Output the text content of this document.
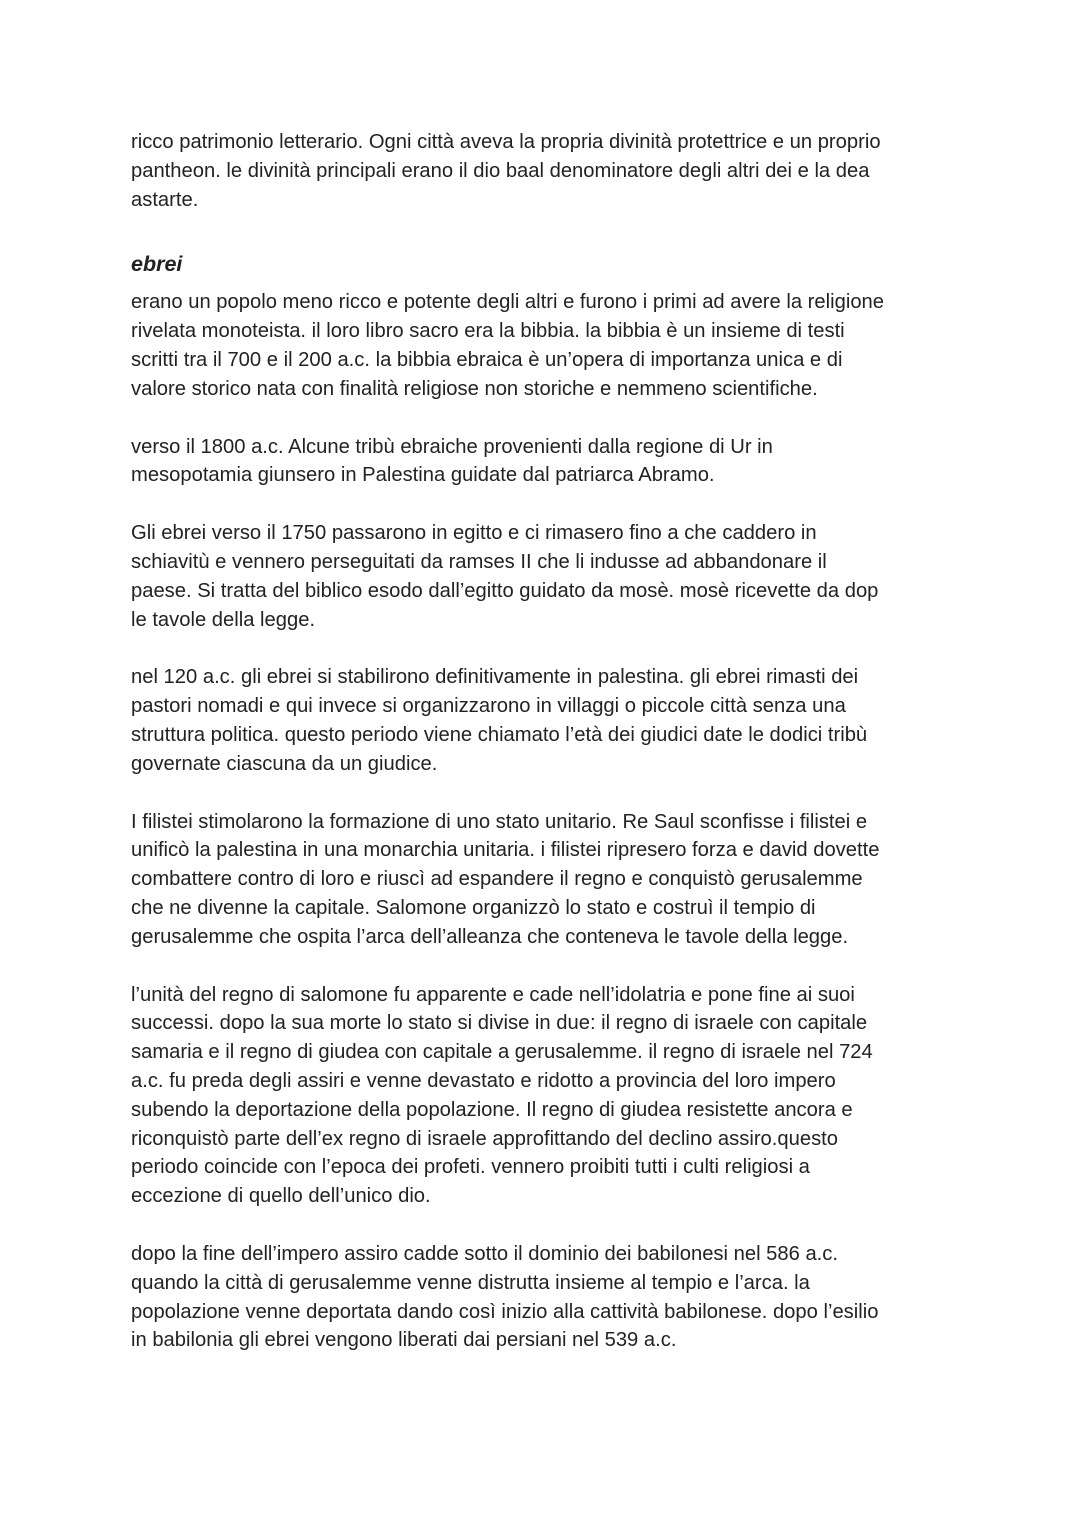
ricco patrimonio letterario. Ogni città aveva la propria divinità protettrice e un proprio
pantheon. le divinità principali erano il dio baal denominatore degli altri dei e la dea
astarte.

ebrei

erano un popolo meno ricco e potente degli altri e furono i primi ad avere la religione
rivelata monoteista. il loro libro sacro era la bibbia. la bibbia è un insieme di testi
scritti tra il 700 e il 200 a.c. la bibbia ebraica è un’opera di importanza unica e di
valore storico nata con finalità religiose non storiche e nemmeno scientifiche.

verso il 1800 a.c. Alcune tribù ebraiche provenienti dalla regione di Ur in
mesopotamia giunsero in Palestina guidate dal patriarca Abramo.

Gli ebrei verso il 1750 passarono in egitto e ci rimasero fino a che caddero in
schiavitù e vennero perseguitati da ramses II che li indusse ad abbandonare il
paese. Si tratta del biblico esodo dall’egitto guidato da mosè. mosè ricevette da dop
le tavole della legge.

nel 120 a.c. gli ebrei si stabilirono definitivamente in palestina. gli ebrei rimasti dei
pastori nomadi e qui invece si organizzarono in villaggi o piccole città senza una
struttura politica. questo periodo viene chiamato l’età dei giudici date le dodici tribù
governate ciascuna da un giudice.

I filistei stimolarono la formazione di uno stato unitario. Re Saul sconfisse i filistei e
unificò la palestina in una monarchia unitaria. i filistei ripresero forza e david dovette
combattere contro di loro e riuscì ad espandere il regno e conquistò gerusalemme
che ne divenne la capitale. Salomone organizzò lo stato e costruì il tempio di
gerusalemme che ospita l’arca dell’alleanza che conteneva le tavole della legge.

l’unità del regno di salomone fu apparente e cade nell’idolatria e pone fine ai suoi
successi. dopo la sua morte lo stato si divise in due: il regno di israele con capitale
samaria e il regno di giudea con capitale a gerusalemme. il regno di israele nel 724
a.c. fu preda degli assiri e venne devastato e ridotto a provincia del loro impero
subendo la deportazione della popolazione. Il regno di giudea resistette ancora e
riconquistò parte dell’ex regno di israele approfittando del declino assiro.questo
periodo coincide con l’epoca dei profeti. vennero proibiti tutti i culti religiosi a
eccezione di quello dell’unico dio.

dopo la fine dell’impero assiro cadde sotto il dominio dei babilonesi nel 586 a.c.
quando la città di gerusalemme venne distrutta insieme al tempio e l’arca. la
popolazione venne deportata dando così inizio alla cattività babilonese. dopo l’esilio
in babilonia gli ebrei vengono liberati dai persiani nel 539 a.c.
